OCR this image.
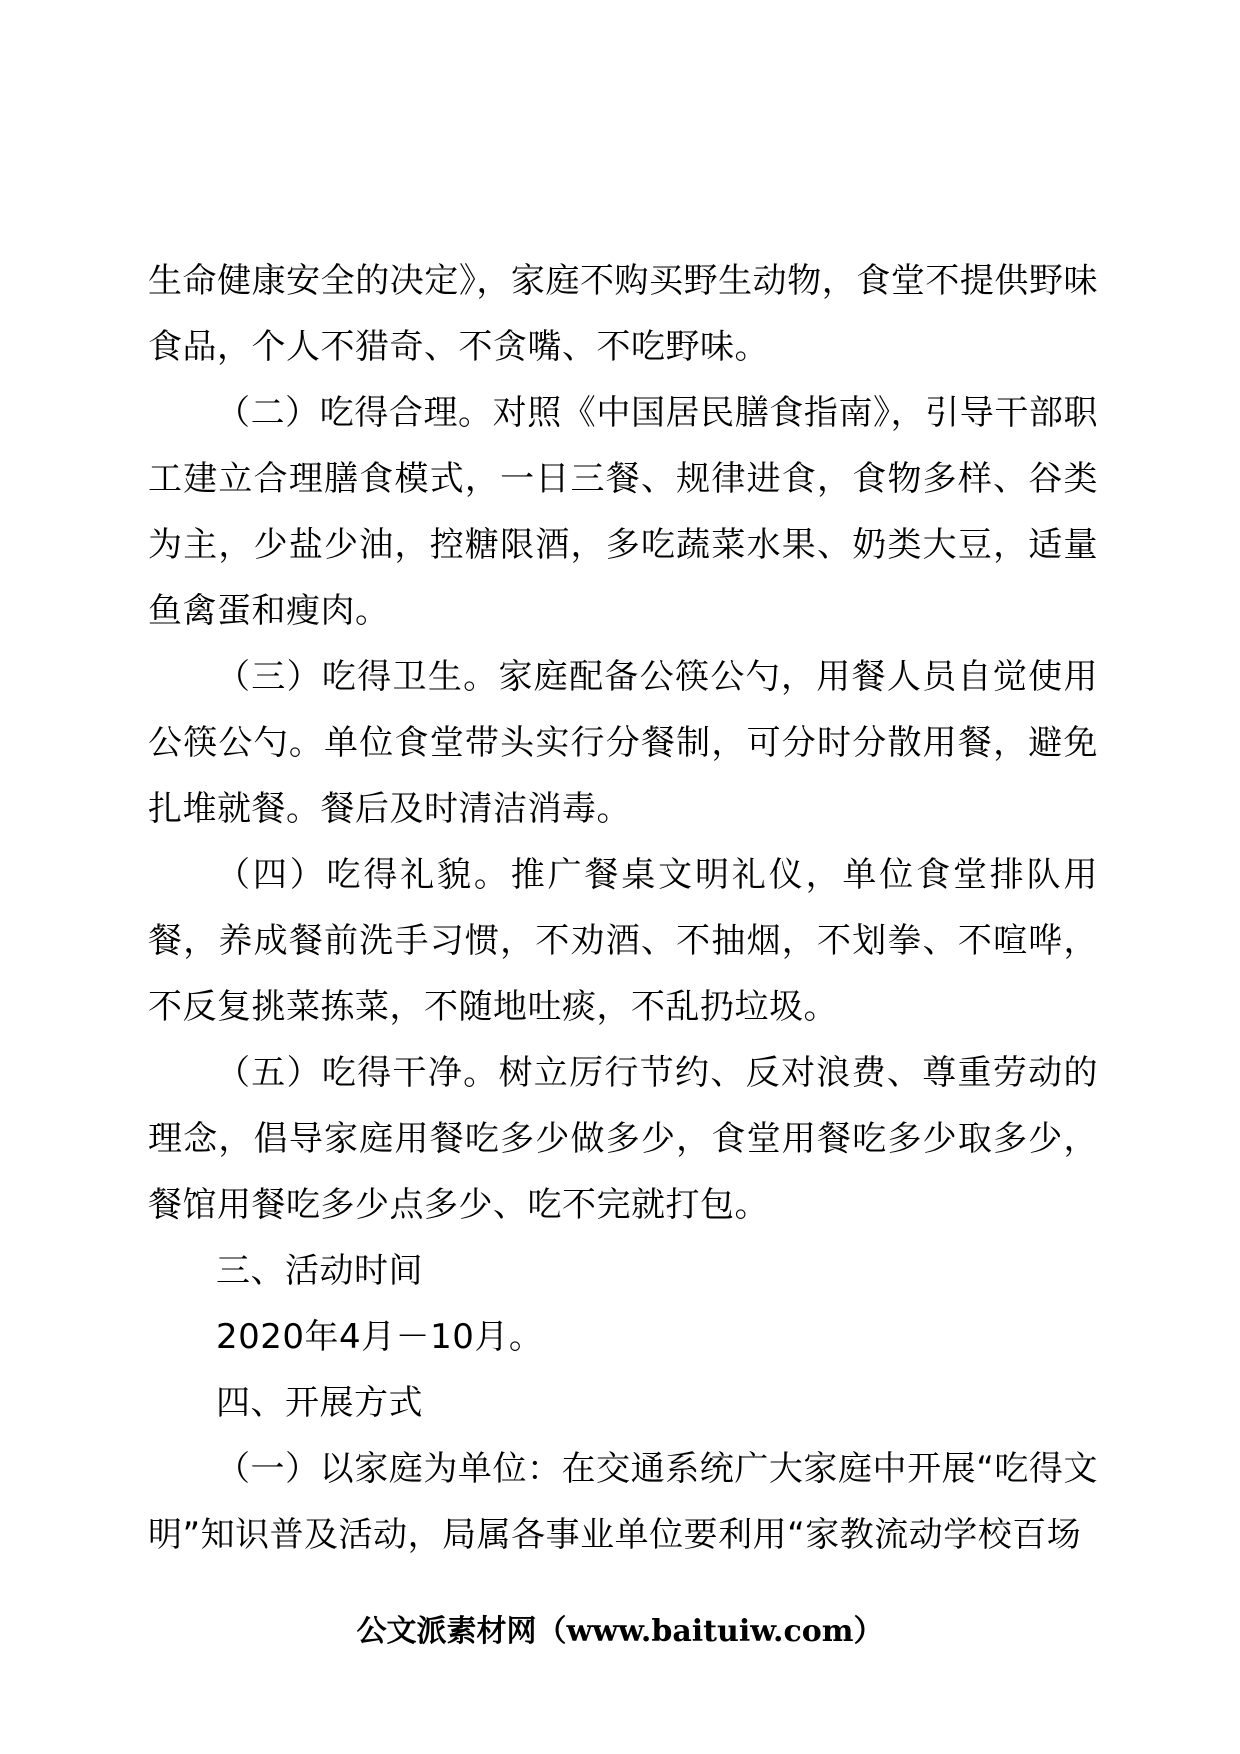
生命健康安全的决定》，家庭不购买野生动物，食堂不提供野味食品，个人不猎奇、不贪嘴、不吃野味。

（二）吃得合理。对照《中国居民膳食指南》，引导干部职工建立合理膳食模式，一日三餐、规律进食，食物多样、谷类为主，少盐少油，控糖限酒，多吃蔬菜水果、奶类大豆，适量鱼禽蛋和瘦肉。

（三）吃得卫生。家庭配备公筷公勺，用餐人员自觉使用公筷公勺。单位食堂带头实行分餐制，可分时分散用餐，避免扎堆就餐。餐后及时清洁消毒。

（四）吃得礼貌。推广餐桌文明礼仪，单位食堂排队用餐，养成餐前洗手习惯，不劝酒、不抽烟，不划拳、不喧哗，不反复挑菜拣菜，不随地吐痰，不乱扔垃圾。

（五）吃得干净。树立厉行节约、反对浪费、尊重劳动的理念，倡导家庭用餐吃多少做多少，食堂用餐吃多少取多少，餐馆用餐吃多少点多少、吃不完就打包。

三、活动时间

2020年4月－10月。

四、开展方式

（一）以家庭为单位：在交通系统广大家庭中开展“吃得文明”知识普及活动，局属各事业单位要利用“家教流动学校百场

公文派素材网（www.baituiw.com）
